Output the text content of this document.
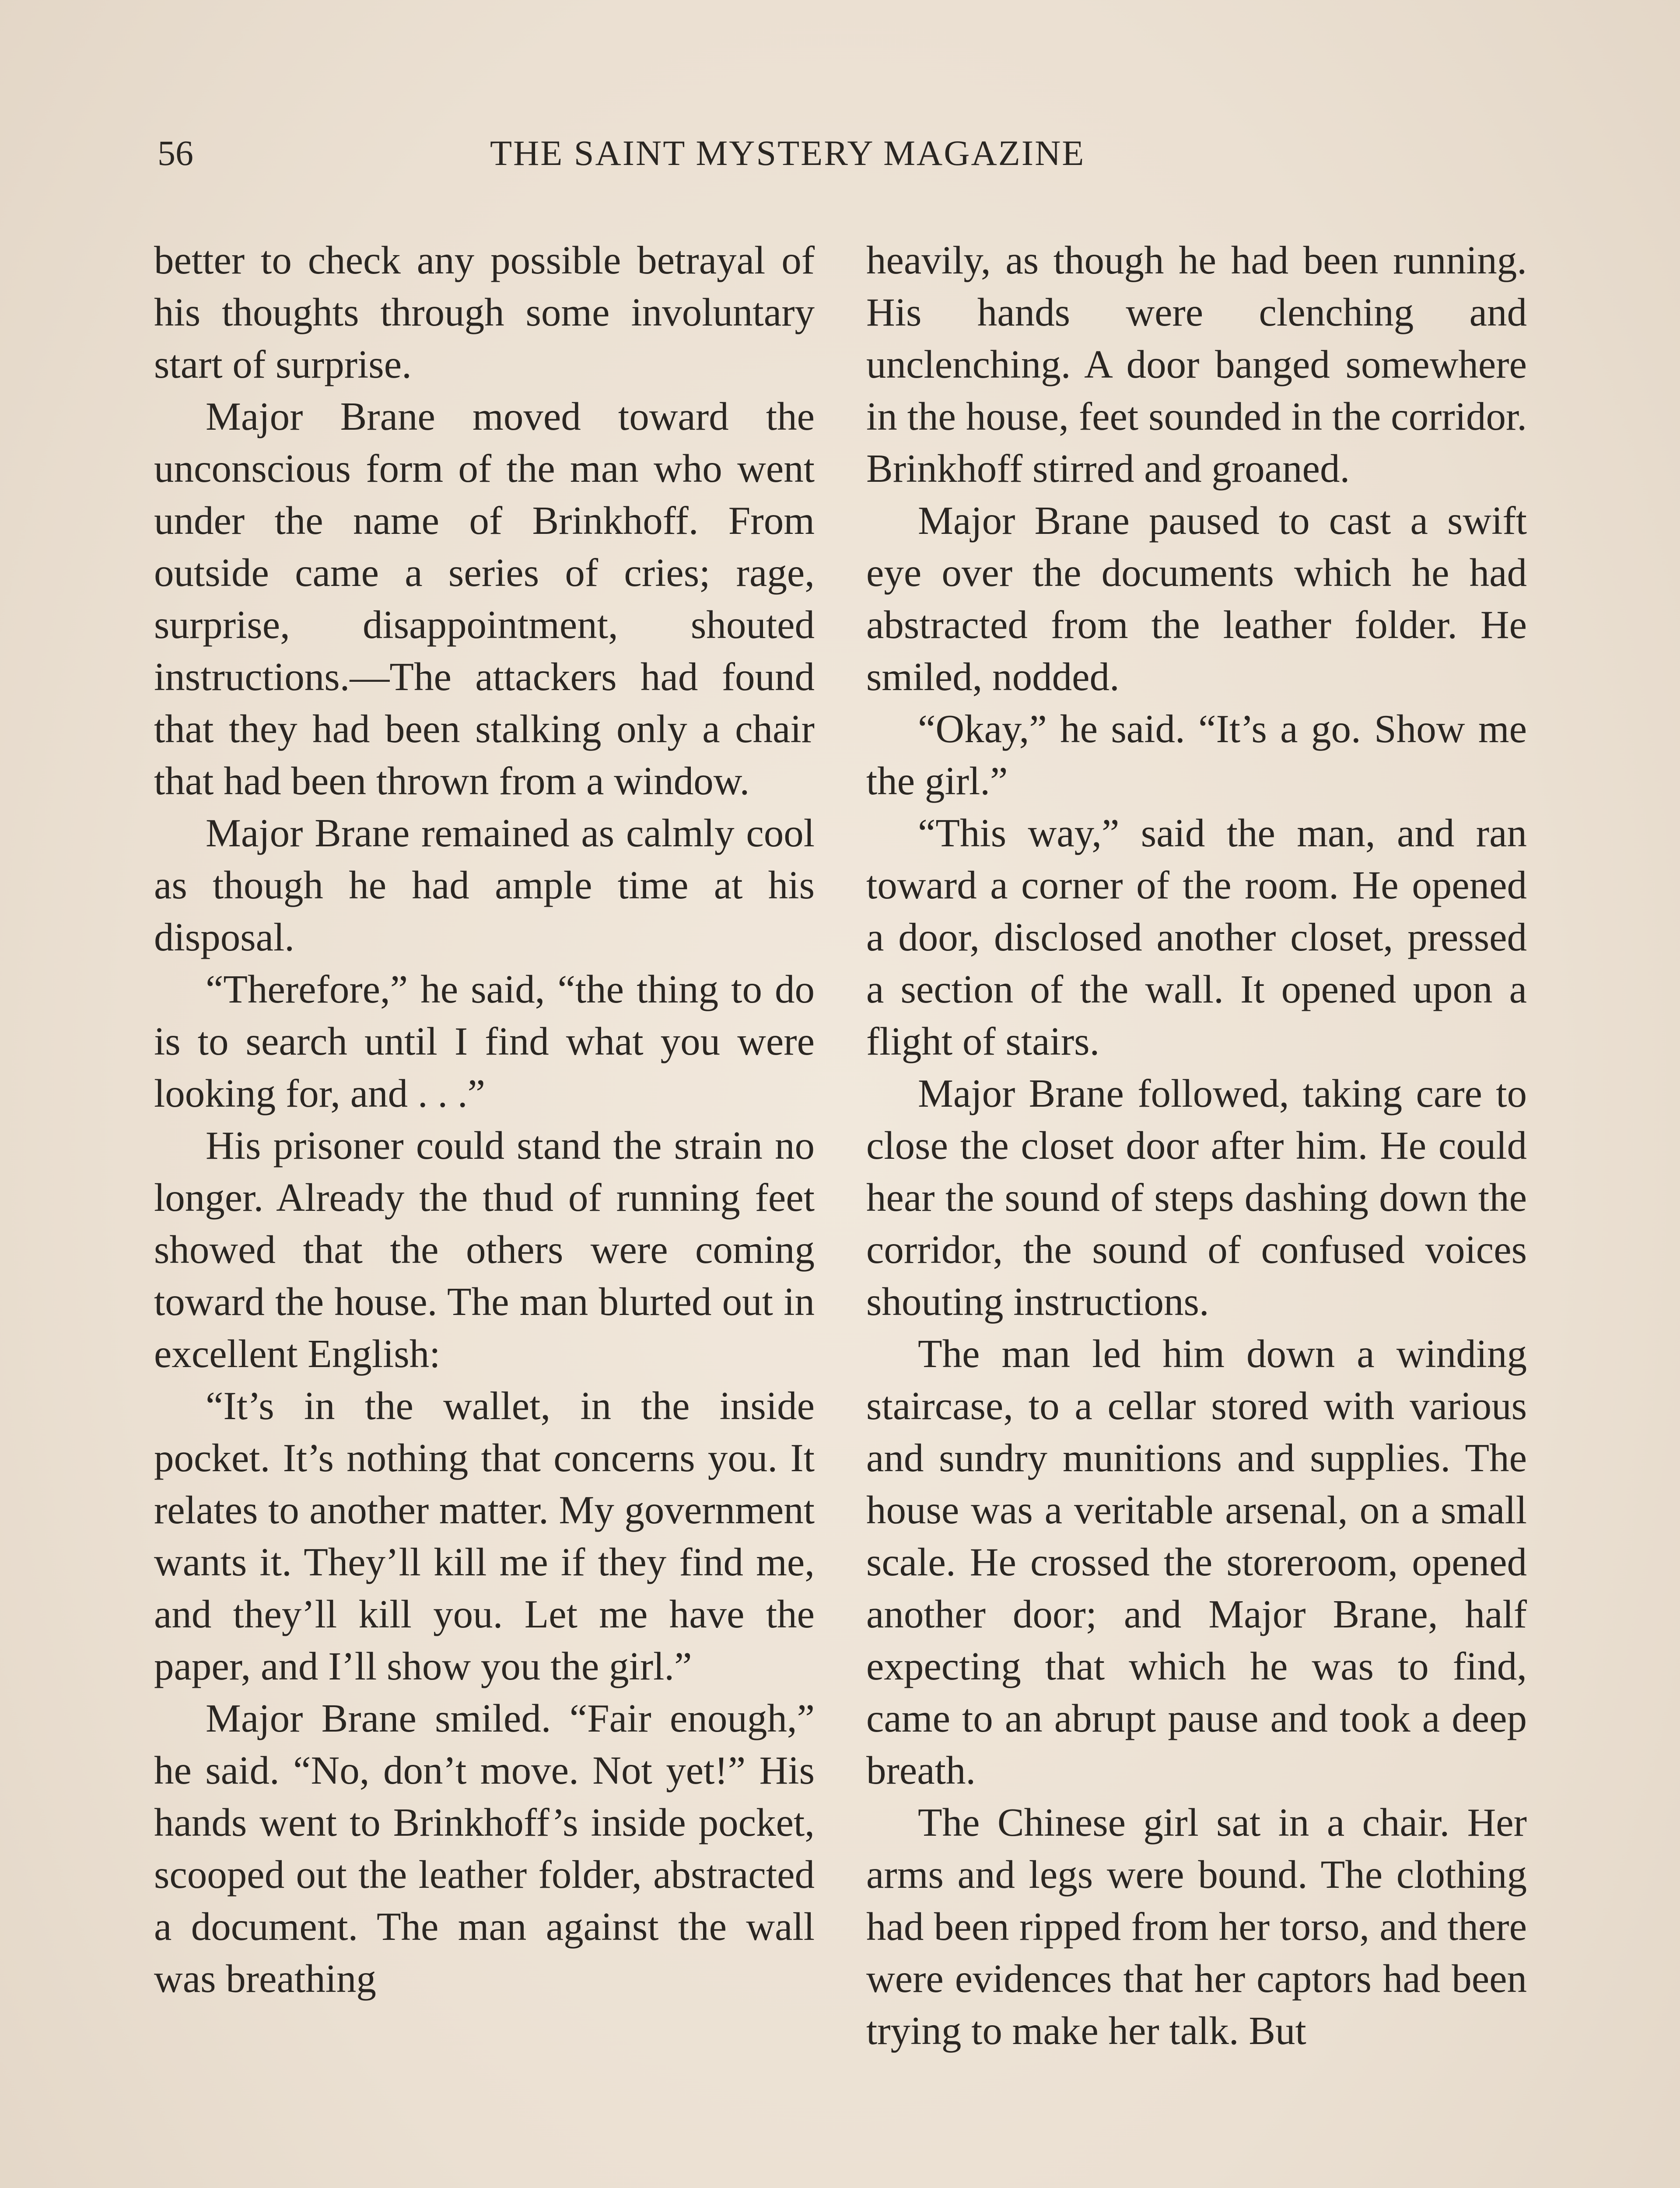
56	THE SAINT MYSTERY MAGAZINE

better to check any possible betrayal of his thoughts through some involuntary start of surprise.

Major Brane moved toward the unconscious form of the man who went under the name of Brinkhoff. From outside came a series of cries; rage, surprise, disappointment, shouted instructions.—The attackers had found that they had been stalking only a chair that had been thrown from a window.

Major Brane remained as calmly cool as though he had ample time at his disposal.

“Therefore,” he said, “the thing to do is to search until I find what you were looking for, and . . .”

His prisoner could stand the strain no longer. Already the thud of running feet showed that the others were coming toward the house. The man blurted out in excellent English:

“It’s in the wallet, in the inside pocket. It’s nothing that concerns you. It relates to another matter. My government wants it. They’ll kill me if they find me, and they’ll kill you. Let me have the paper, and I’ll show you the girl.”

Major Brane smiled. “Fair enough,” he said. “No, don’t move. Not yet!” His hands went to Brinkhoff’s inside pocket, scooped out the leather folder, abstracted a document. The man against the wall was breathing

heavily, as though he had been running. His hands were clenching and unclenching. A door banged somewhere in the house, feet sounded in the corridor. Brinkhoff stirred and groaned.

Major Brane paused to cast a swift eye over the documents which he had abstracted from the leather folder. He smiled, nodded.

“Okay,” he said. “It’s a go. Show me the girl.”

“This way,” said the man, and ran toward a corner of the room. He opened a door, disclosed another closet, pressed a section of the wall. It opened upon a flight of stairs.

Major Brane followed, taking care to close the closet door after him. He could hear the sound of steps dashing down the corridor, the sound of confused voices shouting instructions.

The man led him down a winding staircase, to a cellar stored with various and sundry munitions and supplies. The house was a veritable arsenal, on a small scale. He crossed the storeroom, opened another door; and Major Brane, half expecting that which he was to find, came to an abrupt pause and took a deep breath.

The Chinese girl sat in a chair. Her arms and legs were bound. The clothing had been ripped from her torso, and there were evidences that her captors had been trying to make her talk. But
